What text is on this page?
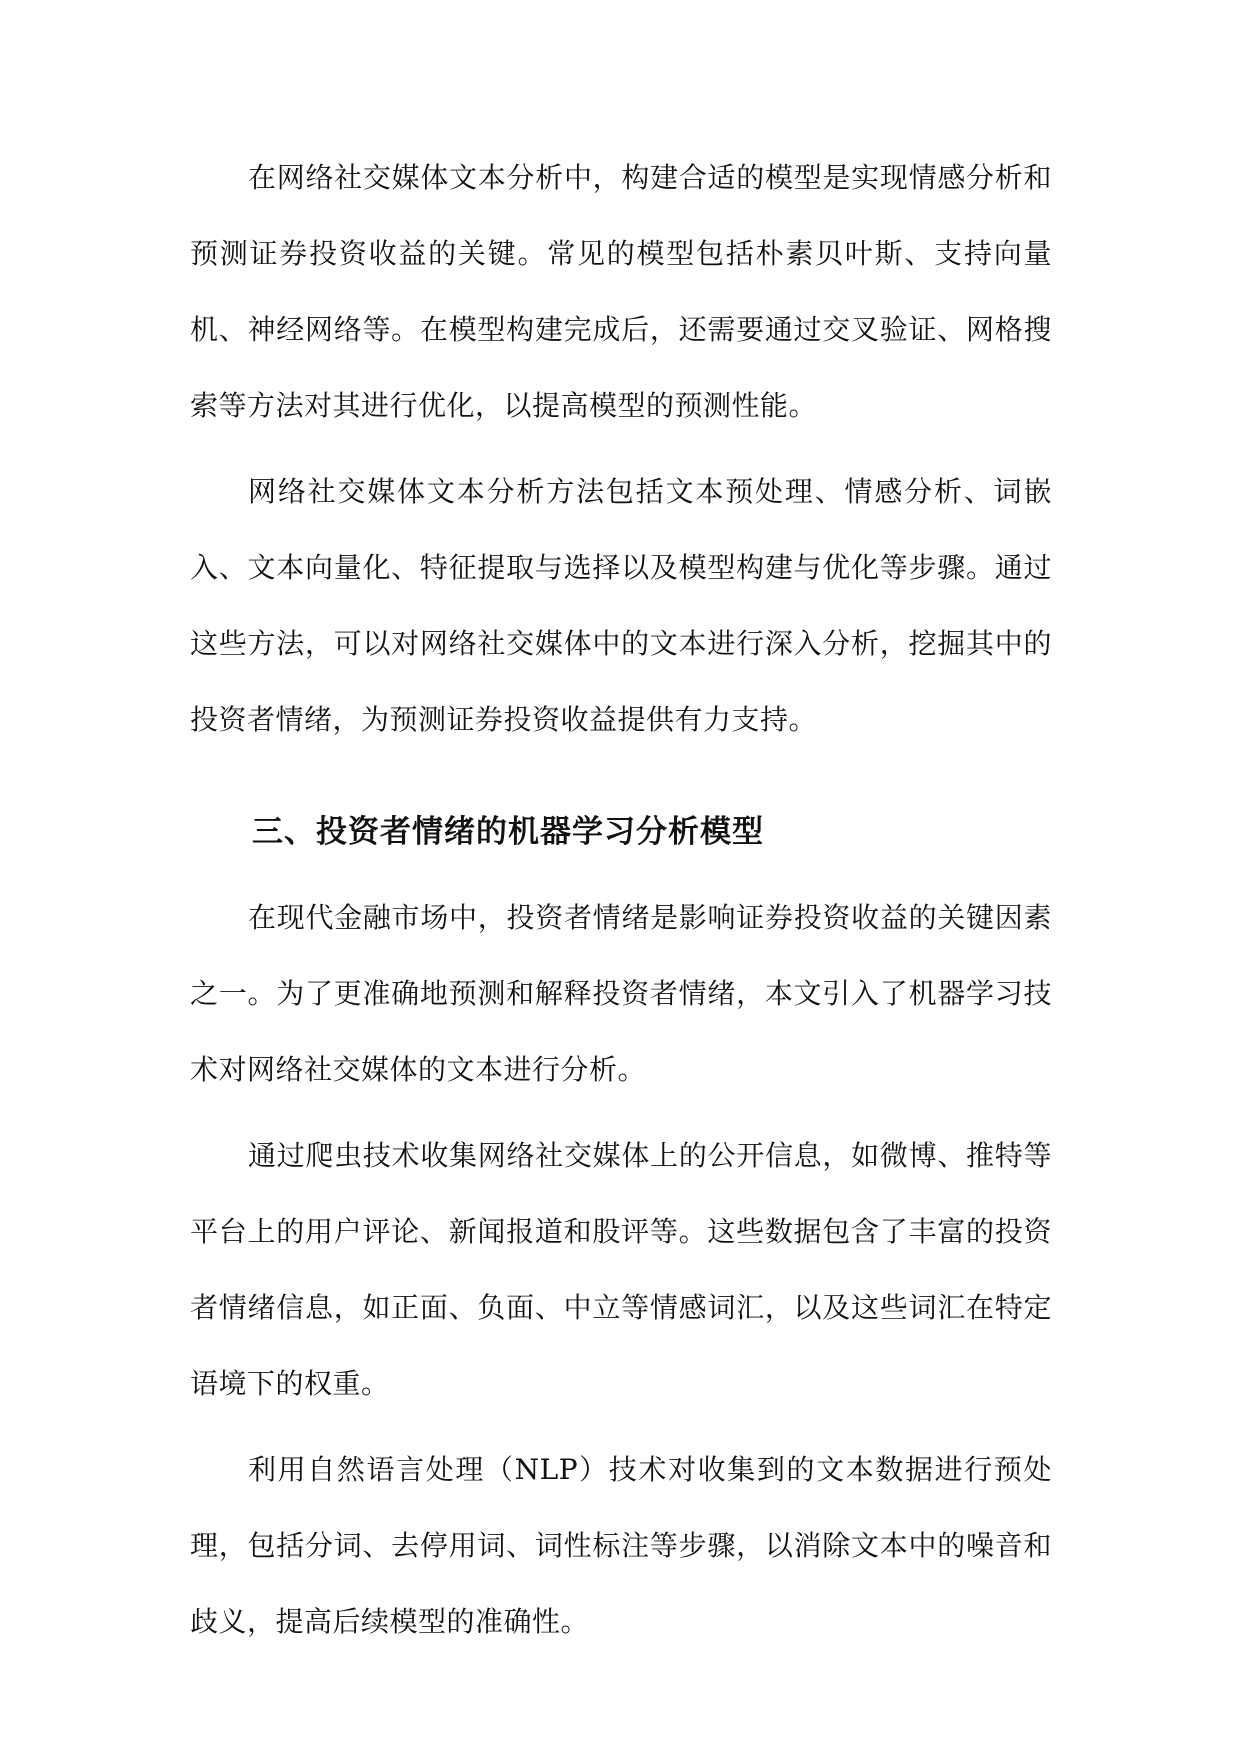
在网络社交媒体文本分析中，构建合适的模型是实现情感分析和预测证券投资收益的关键。常见的模型包括朴素贝叶斯、支持向量机、神经网络等。在模型构建完成后，还需要通过交叉验证、网格搜索等方法对其进行优化，以提高模型的预测性能。

网络社交媒体文本分析方法包括文本预处理、情感分析、词嵌入、文本向量化、特征提取与选择以及模型构建与优化等步骤。通过这些方法，可以对网络社交媒体中的文本进行深入分析，挖掘其中的投资者情绪，为预测证券投资收益提供有力支持。

三、投资者情绪的机器学习分析模型

在现代金融市场中，投资者情绪是影响证券投资收益的关键因素之一。为了更准确地预测和解释投资者情绪，本文引入了机器学习技术对网络社交媒体的文本进行分析。

通过爬虫技术收集网络社交媒体上的公开信息，如微博、推特等平台上的用户评论、新闻报道和股评等。这些数据包含了丰富的投资者情绪信息，如正面、负面、中立等情感词汇，以及这些词汇在特定语境下的权重。

利用自然语言处理（NLP）技术对收集到的文本数据进行预处理，包括分词、去停用词、词性标注等步骤，以消除文本中的噪音和歧义，提高后续模型的准确性。
